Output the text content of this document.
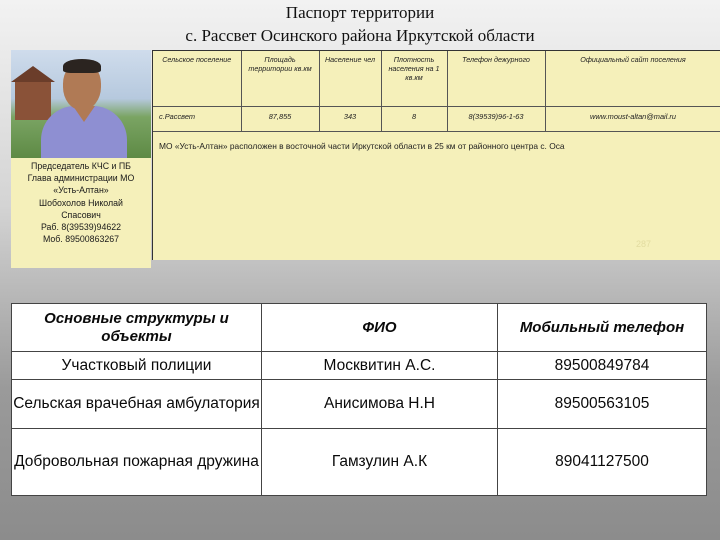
Паспорт территории
с. Рассвет Осинского района Иркутской области
Председатель КЧС и ПБ
Глава администрации МО
«Усть-Алтан»
Шобохолов Николай
Спасович
Раб. 8(39539)94622
Моб. 89500863267
Сельское поселение	Площадь территории кв.км	Население чел	Плотность населения на 1 кв.км	Телефон дежурного	Официальный сайт поселения
с.Рассвет	87,855	343	8	8(39539)96-1-63	www.moust-altan@mail.ru
МО «Усть-Алтан» расположен в восточной части Иркутской области в 25 км от районного центра с. Оса
287
Основные структуры и объекты	ФИО	Мобильный телефон
Участковый полиции	Москвитин А.С.	89500849784
Сельская врачебная амбулатория	Анисимова Н.Н	89500563105
Добровольная пожарная дружина	Гамзулин А.К	89041127500
